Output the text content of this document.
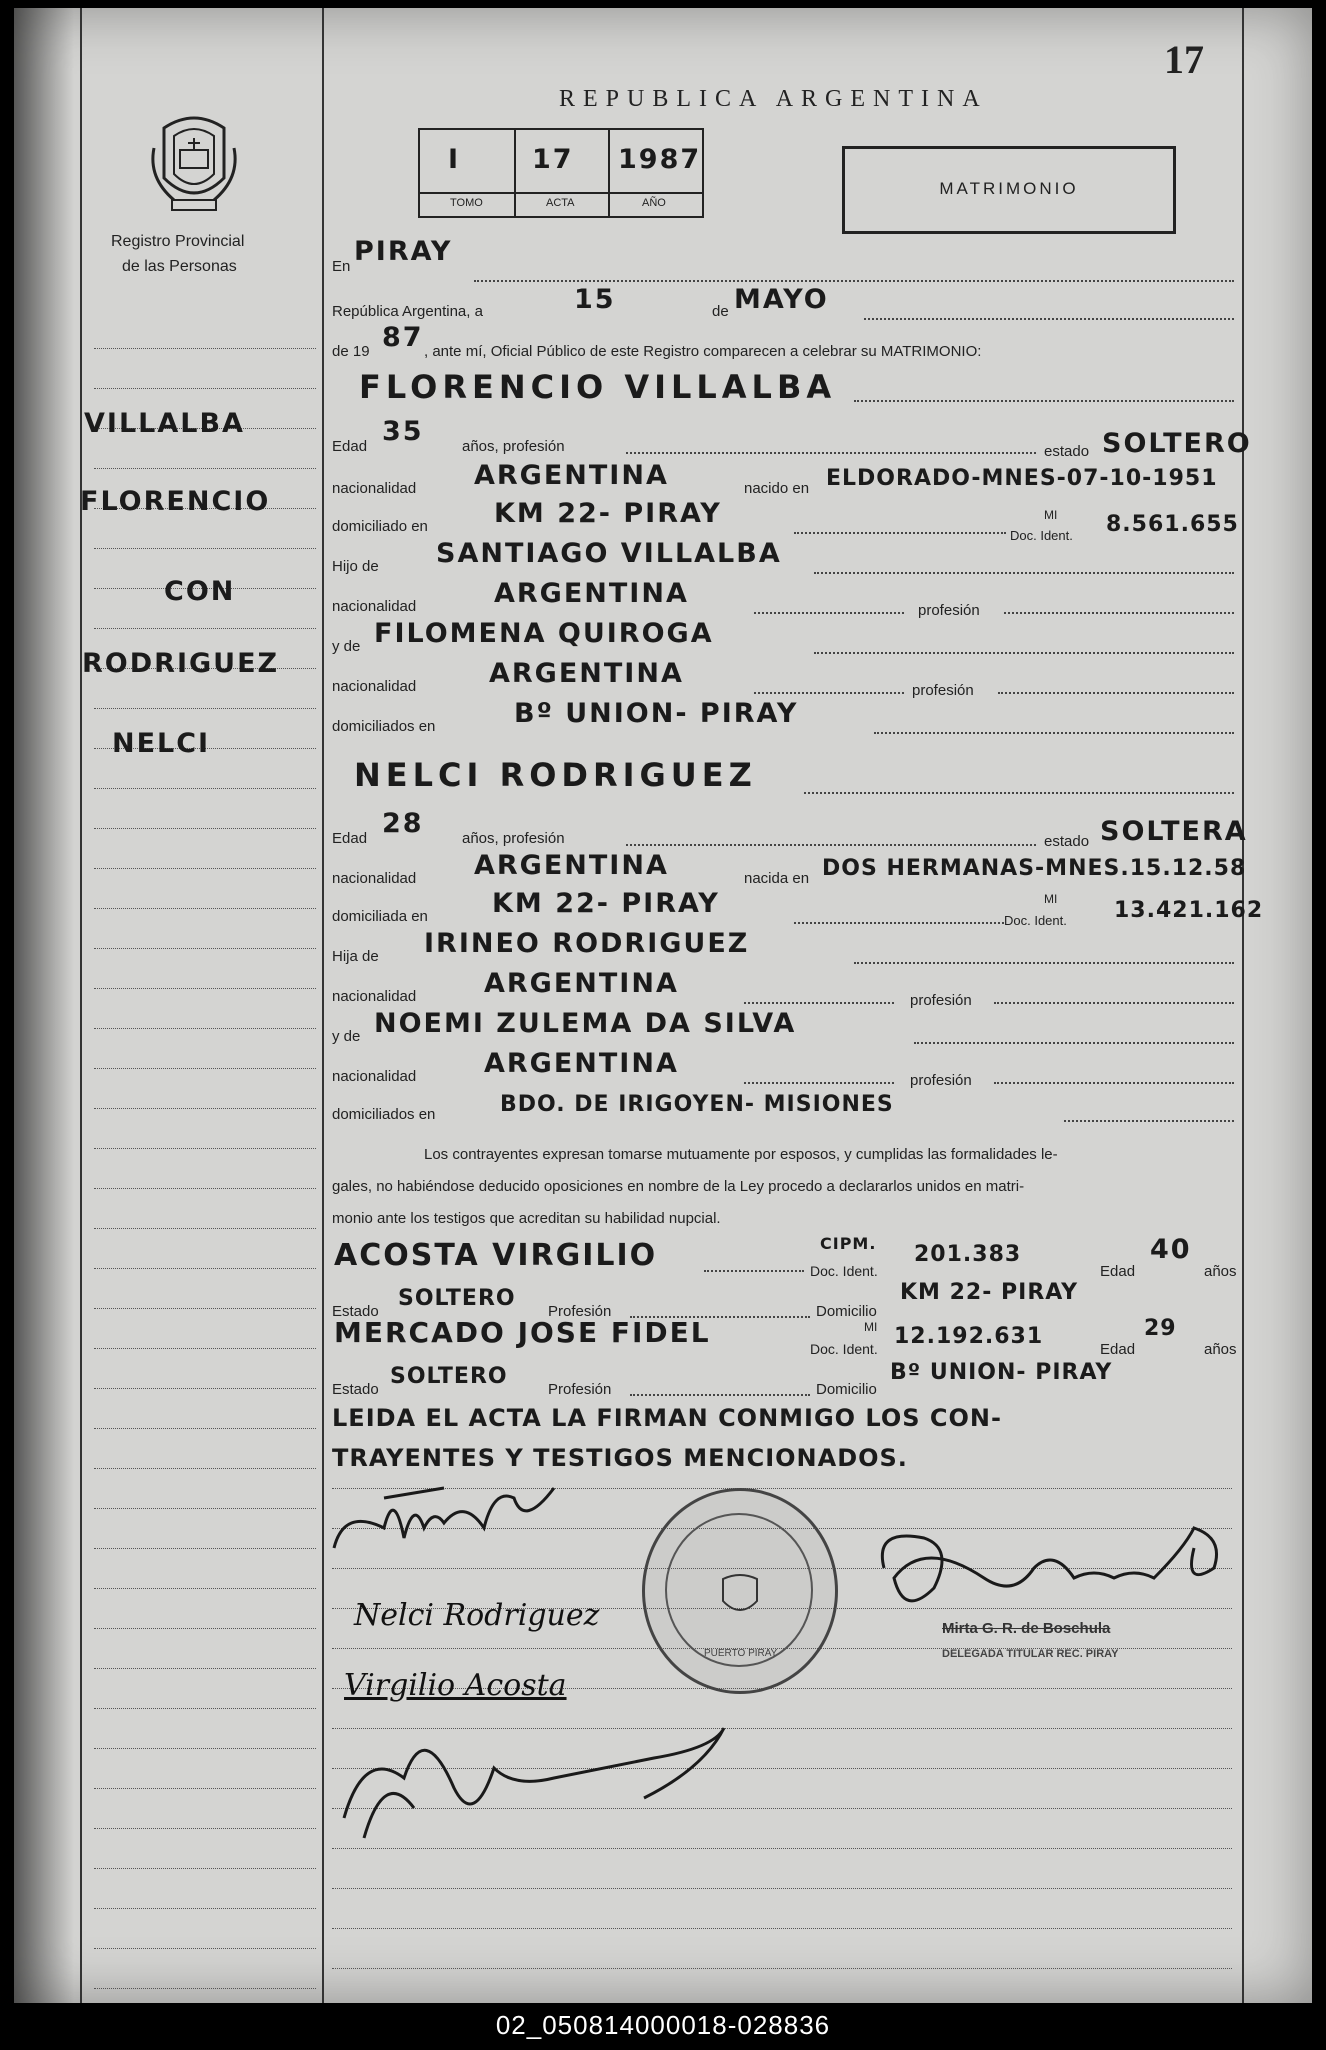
17
REPUBLICA ARGENTINA
Registro Provincial
de las Personas
I	17 1987
TOMO	ACTA	AÑO
MATRIMONIO
VILLALBA
FLORENCIO
CON
RODRIGUEZ
NELCI
En PIRAY
República Argentina, a	15	de MAYO
de 19 87 , ante mí, Oficial Público de este Registro comparecen a celebrar su MATRIMONIO:
FLORENCIO VILLALBA
Edad 35	años, profesión	estado SOLTERO
nacionalidad ARGENTINA	nacido en ELDORADO-MNES-07-10-1951
domiciliado en KM 22- PIRAY
Doc. Ident.
MI 8.561.655
Hijo de SANTIAGO VILLALBA
nacionalidad	ARGENTINA
profesión
y de FILOMENA QUIROGA
nacionalidad	ARGENTINA
profesión
domiciliados en	Bº UNION- PIRAY
NELCI RODRIGUEZ
Edad 28	años, profesión	estado SOLTERA
nacionalidad ARGENTINA	nacida en DOS HERMANAS-MNES.15.12.58
domiciliada en KM 22- PIRAY
Doc. Ident.
MI	13.421.162
Hija de IRINEO RODRIGUEZ
nacionalidad	ARGENTINA
profesión
y de NOEMI ZULEMA DA SILVA
nacionalidad	ARGENTINA
profesión
domiciliados en	BDO. DE IRIGOYEN- MISIONES
Los contrayentes expresan tomarse mutuamente por esposos, y cumplidas las formalidades le-
gales, no habiéndose deducido oposiciones en nombre de la Ley procedo a declararlos unidos en matri-
monio ante los testigos que acreditan su habilidad nupcial.
ACOSTA VIRGILIO	Doc. Ident.
CIPM. 201.383
Edad
40
años
Estado
SOLTERO
Profesión	Domicilio
KM 22- PIRAY
MERCADO JOSE FIDEL	Doc. Ident.
MI 12.192.631
Edad
29
años
Estado
SOLTERO
Profesión	Domicilio
Bº UNION- PIRAY
LEIDA EL ACTA LA FIRMAN CONMIGO LOS CON-
TRAYENTES Y TESTIGOS MENCIONADOS.
Nelci Rodriguez
Virgilio Acosta
PUERTO PIRAY
Mirta G. R. de Boschula
DELEGADA TITULAR REC. PIRAY
02_050814000018-028836
